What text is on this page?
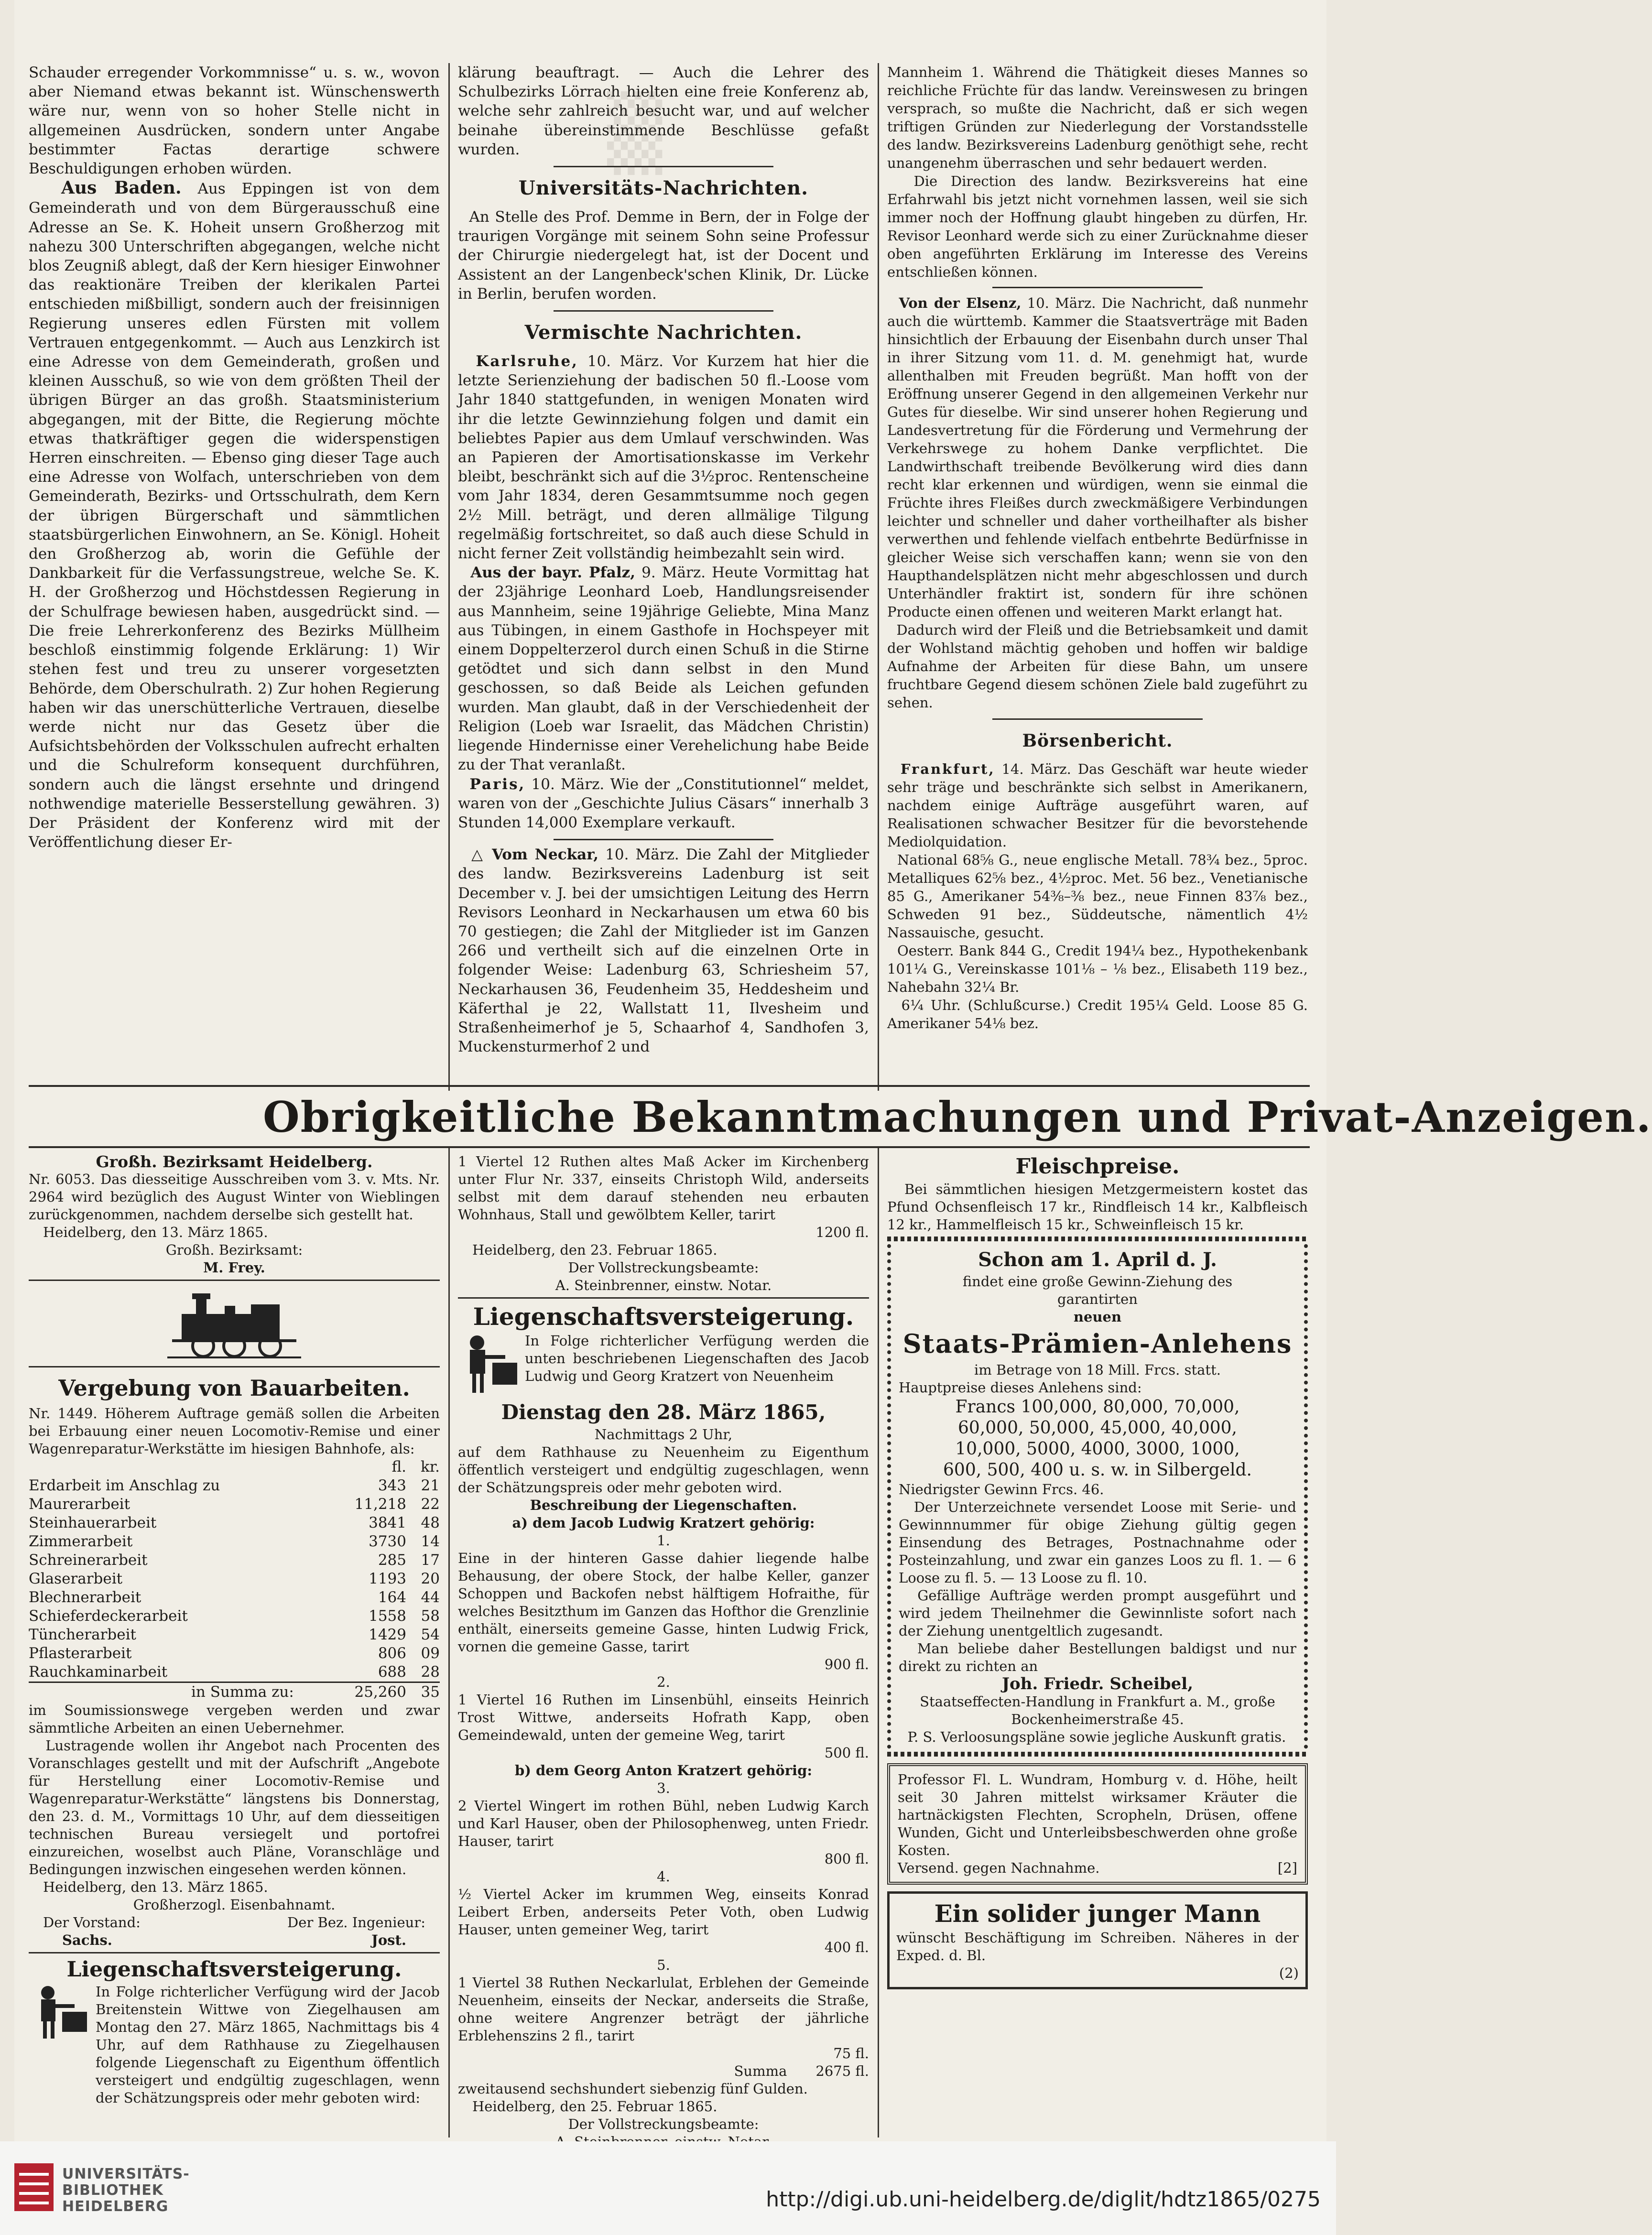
▒

Schauder erregender Vorkommnisse“ u. s. w., wovon aber Niemand etwas bekannt ist. Wünschenswerth wäre nur, wenn von so hoher Stelle nicht in allgemeinen Ausdrücken, sondern unter Angabe bestimmter Factas derartige schwere Beschuldigungen erhoben würden.

Aus Baden. Aus Eppingen ist von dem Gemeinderath und von dem Bürgerausschuß eine Adresse an Se. K. Hoheit unsern Großherzog mit nahezu 300 Unterschriften abgegangen, welche nicht blos Zeugniß ablegt, daß der Kern hiesiger Einwohner das reaktionäre Treiben der klerikalen Partei entschieden mißbilligt, sondern auch der freisinnigen Regierung unseres edlen Fürsten mit vollem Vertrauen entgegenkommt. — Auch aus Lenzkirch ist eine Adresse von dem Gemeinderath, großen und kleinen Ausschuß, so wie von dem größten Theil der übrigen Bürger an das großh. Staatsministerium abgegangen, mit der Bitte, die Regierung möchte etwas thatkräftiger gegen die widerspenstigen Herren einschreiten. — Ebenso ging dieser Tage auch eine Adresse von Wolfach, unterschrieben von dem Gemeinderath, Bezirks- und Ortsschulrath, dem Kern der übrigen Bürgerschaft und sämmtlichen staatsbürgerlichen Einwohnern, an Se. Königl. Hoheit den Großherzog ab, worin die Gefühle der Dankbarkeit für die Verfassungstreue, welche Se. K. H. der Großherzog und Höchstdessen Regierung in der Schulfrage bewiesen haben, ausgedrückt sind. — Die freie Lehrerkonferenz des Bezirks Müllheim beschloß einstimmig folgende Erklärung: 1) Wir stehen fest und treu zu unserer vorgesetzten Behörde, dem Oberschulrath. 2) Zur hohen Regierung haben wir das unerschütterliche Vertrauen, dieselbe werde nicht nur das Gesetz über die Aufsichtsbehörden der Volksschulen aufrecht erhalten und die Schulreform konsequent durchführen, sondern auch die längst ersehnte und dringend nothwendige materielle Besserstellung gewähren. 3) Der Präsident der Konferenz wird mit der Veröffentlichung dieser Er-

klärung beauftragt. — Auch die Lehrer des Schulbezirks Lörrach hielten eine freie Konferenz ab, welche sehr zahlreich besucht war, und auf welcher beinahe übereinstimmende Beschlüsse gefaßt wurden.

Universitäts-Nachrichten.

An Stelle des Prof. Demme in Bern, der in Folge der traurigen Vorgänge mit seinem Sohn seine Professur der Chirurgie niedergelegt hat, ist der Docent und Assistent an der Langenbeck'schen Klinik, Dr. Lücke in Berlin, berufen worden.

Vermischte Nachrichten.

Karlsruhe, 10. März. Vor Kurzem hat hier die letzte Serienziehung der badischen 50 fl.-Loose vom Jahr 1840 stattgefunden, in wenigen Monaten wird ihr die letzte Gewinnziehung folgen und damit ein beliebtes Papier aus dem Umlauf verschwinden. Was an Papieren der Amortisationskasse im Verkehr bleibt, beschränkt sich auf die 3½proc. Rentenscheine vom Jahr 1834, deren Gesammtsumme noch gegen 2½ Mill. beträgt, und deren allmälige Tilgung regelmäßig fortschreitet, so daß auch diese Schuld in nicht ferner Zeit vollständig heimbezahlt sein wird.

Aus der bayr. Pfalz, 9. März. Heute Vormittag hat der 23jährige Leonhard Loeb, Handlungsreisender aus Mannheim, seine 19jährige Geliebte, Mina Manz aus Tübingen, in einem Gasthofe in Hochspeyer mit einem Doppelterzerol durch einen Schuß in die Stirne getödtet und sich dann selbst in den Mund geschossen, so daß Beide als Leichen gefunden wurden. Man glaubt, daß in der Verschiedenheit der Religion (Loeb war Israelit, das Mädchen Christin) liegende Hindernisse einer Verehelichung habe Beide zu der That veranlaßt.

Paris, 10. März. Wie der „Constitutionnel“ meldet, waren von der „Geschichte Julius Cäsars“ innerhalb 3 Stunden 14,000 Exemplare verkauft.

△ Vom Neckar, 10. März. Die Zahl der Mitglieder des landw. Bezirksvereins Ladenburg ist seit December v. J. bei der umsichtigen Leitung des Herrn Revisors Leonhard in Neckarhausen um etwa 60 bis 70 gestiegen; die Zahl der Mitglieder ist im Ganzen 266 und vertheilt sich auf die einzelnen Orte in folgender Weise: Ladenburg 63, Schriesheim 57, Neckarhausen 36, Feudenheim 35, Heddesheim und Käferthal je 22, Wallstatt 11, Ilvesheim und Straßenheimerhof je 5, Schaarhof 4, Sandhofen 3, Muckensturmerhof 2 und

Mannheim 1. Während die Thätigkeit dieses Mannes so reichliche Früchte für das landw. Vereinswesen zu bringen versprach, so mußte die Nachricht, daß er sich wegen triftigen Gründen zur Niederlegung der Vorstandsstelle des landw. Bezirksvereins Ladenburg genöthigt sehe, recht unangenehm überraschen und sehr bedauert werden.

Die Direction des landw. Bezirksvereins hat eine Erfahrwahl bis jetzt nicht vornehmen lassen, weil sie sich immer noch der Hoffnung glaubt hingeben zu dürfen, Hr. Revisor Leonhard werde sich zu einer Zurücknahme dieser oben angeführten Erklärung im Interesse des Vereins entschließen können.

Von der Elsenz, 10. März. Die Nachricht, daß nunmehr auch die württemb. Kammer die Staatsverträge mit Baden hinsichtlich der Erbauung der Eisenbahn durch unser Thal in ihrer Sitzung vom 11. d. M. genehmigt hat, wurde allenthalben mit Freuden begrüßt. Man hofft von der Eröffnung unserer Gegend in den allgemeinen Verkehr nur Gutes für dieselbe. Wir sind unserer hohen Regierung und Landesvertretung für die Förderung und Vermehrung der Verkehrswege zu hohem Danke verpflichtet. Die Landwirthschaft treibende Bevölkerung wird dies dann recht klar erkennen und würdigen, wenn sie einmal die Früchte ihres Fleißes durch zweckmäßigere Verbindungen leichter und schneller und daher vortheilhafter als bisher verwerthen und fehlende vielfach entbehrte Bedürfnisse in gleicher Weise sich verschaffen kann; wenn sie von den Haupthandelsplätzen nicht mehr abgeschlossen und durch Unterhändler fraktirt ist, sondern für ihre schönen Producte einen offenen und weiteren Markt erlangt hat.

Dadurch wird der Fleiß und die Betriebsamkeit und damit der Wohlstand mächtig gehoben und hoffen wir baldige Aufnahme der Arbeiten für diese Bahn, um unsere fruchtbare Gegend diesem schönen Ziele bald zugeführt zu sehen.

Börsenbericht.

Frankfurt, 14. März. Das Geschäft war heute wieder sehr träge und beschränkte sich selbst in Amerikanern, nachdem einige Aufträge ausgeführt waren, auf Realisationen schwacher Besitzer für die bevorstehende Mediolquidation.

National 68⅝ G., neue englische Metall. 78¾ bez., 5proc. Metalliques 62⅝ bez., 4½proc. Met. 56 bez., Venetianische 85 G., Amerikaner 54⅜–⅜ bez., neue Finnen 83⅞ bez., Schweden 91 bez., Süddeutsche, nämentlich 4½ Nassauische, gesucht.

Oesterr. Bank 844 G., Credit 194¼ bez., Hypothekenbank 101¼ G., Vereinskasse 101⅛ – ⅛ bez., Elisabeth 119 bez., Nahebahn 32¼ Br.

6¼ Uhr. (Schlußcurse.) Credit 195¼ Geld. Loose 85 G. Amerikaner 54⅛ bez.

Obrigkeitliche Bekanntmachungen und Privat-Anzeigen.
Großh. Bezirksamt Heidelberg.

Nr. 6053. Das diesseitige Ausschreiben vom 3. v. Mts. Nr. 2964 wird bezüglich des August Winter von Wieblingen zurückgenommen, nachdem derselbe sich gestellt hat.

Heidelberg, den 13. März 1865.

Großh. Bezirksamt:

M. Frey.

Vergebung von Bauarbeiten.

Nr. 1449. Höherem Auftrage gemäß sollen die Arbeiten bei Erbauung einer neuen Locomotiv-Remise und einer Wagenreparatur-Werkstätte im hiesigen Bahnhofe, als:

	fl.	kr.
Erdarbeit im Anschlag zu	343	21
Maurerarbeit	11,218	22
Steinhauerarbeit	3841	48
Zimmerarbeit	3730	14
Schreinerarbeit	285	17
Glaserarbeit	1193	20
Blechnerarbeit	164	44
Schieferdeckerarbeit	1558	58
Tüncherarbeit	1429	54
Pflasterarbeit	806	09
Rauchkaminarbeit	688	28
in Summa zu:	25,260	35

im Soumissionswege vergeben werden und zwar sämmtliche Arbeiten an einen Uebernehmer.

Lustragende wollen ihr Angebot nach Procenten des Voranschlages gestellt und mit der Aufschrift „Angebote für Herstellung einer Locomotiv-Remise und Wagenreparatur-Werkstätte“ längstens bis Donnerstag, den 23. d. M., Vormittags 10 Uhr, auf dem diesseitigen technischen Bureau versiegelt und portofrei einzureichen, woselbst auch Pläne, Voranschläge und Bedingungen inzwischen eingesehen werden können.

Heidelberg, den 13. März 1865.

Großherzogl. Eisenbahnamt.

Der Vorstand:	Der Bez. Ingenieur:
Sachs.	Jost.
Liegenschaftsversteigerung.

In Folge richterlicher Verfügung wird der Jacob Breitenstein Wittwe von Ziegelhausen am Montag den 27. März 1865, Nachmittags bis 4 Uhr, auf dem Rathhause zu Ziegelhausen folgende Liegenschaft zu Eigenthum öffentlich versteigert und endgültig zugeschlagen, wenn der Schätzungspreis oder mehr geboten wird:

1 Viertel 12 Ruthen altes Maß Acker im Kirchenberg unter Flur Nr. 337, einseits Christoph Wild, anderseits selbst mit dem darauf stehenden neu erbauten Wohnhaus, Stall und gewölbtem Keller, tarirt

1200 fl.

Heidelberg, den 23. Februar 1865.

Der Vollstreckungsbeamte:

A. Steinbrenner, einstw. Notar.

Liegenschaftsversteigerung.

In Folge richterlicher Verfügung werden die unten beschriebenen Liegenschaften des Jacob Ludwig und Georg Kratzert von Neuenheim

Dienstag den 28. März 1865,

Nachmittags 2 Uhr,

auf dem Rathhause zu Neuenheim zu Eigenthum öffentlich versteigert und endgültig zugeschlagen, wenn der Schätzungspreis oder mehr geboten wird.

Beschreibung der Liegenschaften.

a) dem Jacob Ludwig Kratzert gehörig:

1.

Eine in der hinteren Gasse dahier liegende halbe Behausung, der obere Stock, der halbe Keller, ganzer Schoppen und Backofen nebst hälftigem Hofraithe, für welches Besitzthum im Ganzen das Hofthor die Grenzlinie enthält, einerseits gemeine Gasse, hinten Ludwig Frick, vornen die gemeine Gasse, tarirt

900 fl.

2.

1 Viertel 16 Ruthen im Linsenbühl, einseits Heinrich Trost Wittwe, anderseits Hofrath Kapp, oben Gemeindewald, unten der gemeine Weg, tarirt

500 fl.

b) dem Georg Anton Kratzert gehörig:

3.

2 Viertel Wingert im rothen Bühl, neben Ludwig Karch und Karl Hauser, oben der Philosophenweg, unten Friedr. Hauser, tarirt

800 fl.

4.

½ Viertel Acker im krummen Weg, einseits Konrad Leibert Erben, anderseits Peter Voth, oben Ludwig Hauser, unten gemeiner Weg, tarirt

400 fl.

5.

1 Viertel 38 Ruthen Neckarlulat, Erblehen der Gemeinde Neuenheim, einseits der Neckar, anderseits die Straße, ohne weitere Angrenzer beträgt der jährliche Erblehenszins 2 fl., tarirt

75 fl.

Summa 2675 fl.

zweitausend sechshundert siebenzig fünf Gulden.

Heidelberg, den 25. Februar 1865.

Der Vollstreckungsbeamte:

Fleischpreise.

Bei sämmtlichen hiesigen Metzgermeistern kostet das Pfund Ochsenfleisch 17 kr., Rindfleisch 14 kr., Kalbfleisch 12 kr., Hammelfleisch 15 kr., Schweinfleisch 15 kr.

Schon am 1. April d. J.

findet eine große Gewinn-Ziehung des

garantirten

neuen

Staats-Prämien-Anlehens

im Betrage von 18 Mill. Frcs. statt.

Hauptpreise dieses Anlehens sind:

Francs 100,000, 80,000, 70,000,

60,000, 50,000, 45,000, 40,000,

10,000, 5000, 4000, 3000, 1000,

600, 500, 400 u. s. w. in Silbergeld.

Niedrigster Gewinn Frcs. 46.

Der Unterzeichnete versendet Loose mit Serie- und Gewinnnummer für obige Ziehung gültig gegen Einsendung des Betrages, Postnachnahme oder Posteinzahlung, und zwar ein ganzes Loos zu fl. 1. — 6 Loose zu fl. 5. — 13 Loose zu fl. 10.

Gefällige Aufträge werden prompt ausgeführt und wird jedem Theilnehmer die Gewinnliste sofort nach der Ziehung unentgeltlich zugesandt.

Man beliebe daher Bestellungen baldigst und nur direkt zu richten an

Joh. Friedr. Scheibel,

Staatseffecten-Handlung in Frankfurt a. M., große Bockenheimerstraße 45.

P. S. Verloosungspläne sowie jegliche Auskunft gratis.

Professor Fl. L. Wundram, Homburg v. d. Höhe, heilt seit 30 Jahren mittelst wirksamer Kräuter die hartnäckigsten Flechten, Scropheln, Drüsen, offene Wunden, Gicht und Unterleibsbeschwerden ohne große Kosten.

Versend. gegen Nachnahme.	[2]
Ein solider junger Mann

wünscht Beschäftigung im Schreiben. Näheres in der Exped. d. Bl.

(2)

UNIVERSITÄTS-
BIBLIOTHEK
HEIDELBERG	http://digi.ub.uni-heidelberg.de/diglit/hdtz1865/0275
